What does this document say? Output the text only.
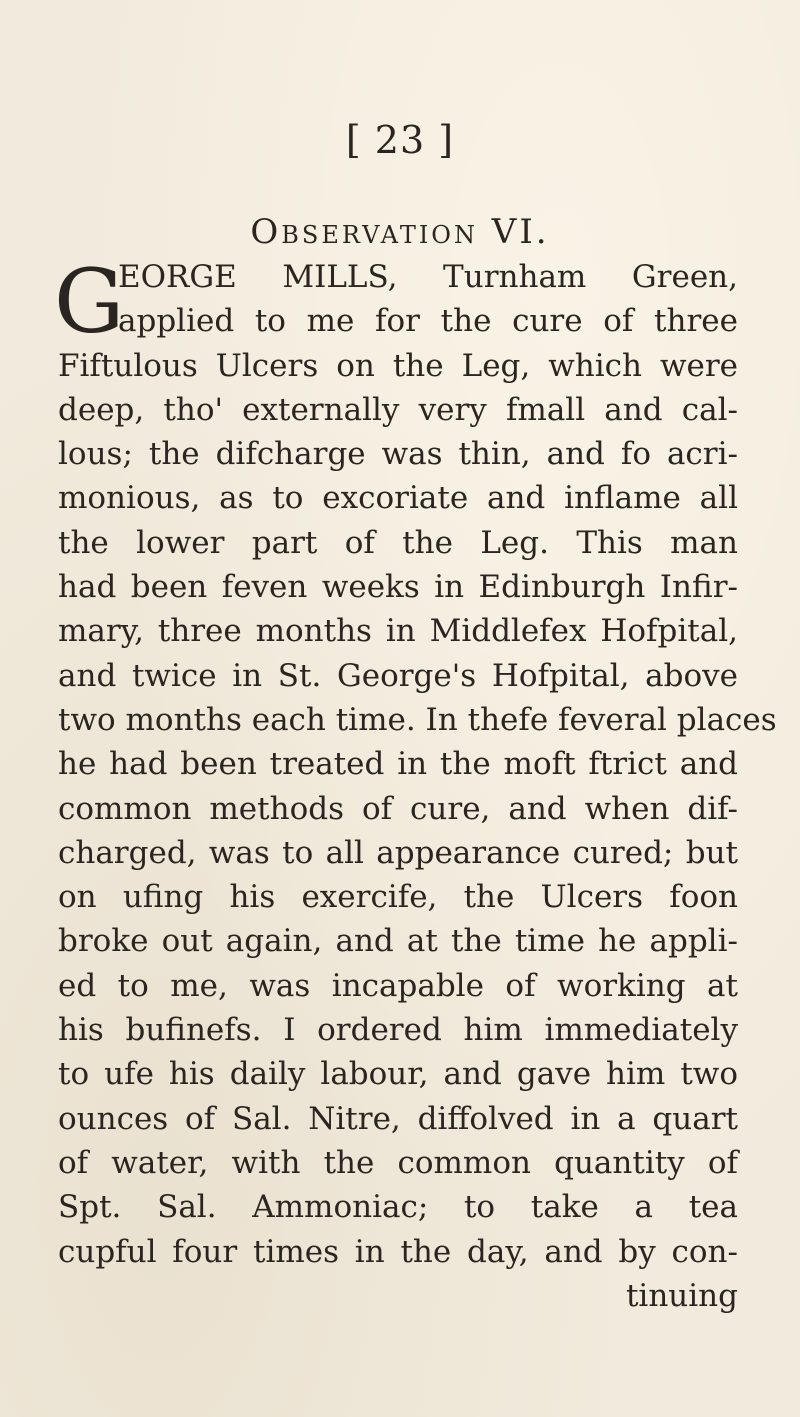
[ 23 ]
Observation VI.
G
EORGE MILLS, Turnham Green,
applied to me for the cure of three
Fiftulous Ulcers on the Leg, which were
deep, tho' externally very fmall and cal-
lous; the difcharge was thin, and fo acri-
monious, as to excoriate and inflame all
the lower part of the Leg. This man
had been feven weeks in Edinburgh Infir-
mary, three months in Middlefex Hofpital,
and twice in St. George's Hofpital, above
two months each time. In thefe feveral places
he had been treated in the moft ftrict and
common methods of cure, and when dif-
charged, was to all appearance cured; but
on ufing his exercife, the Ulcers foon
broke out again, and at the time he appli-
ed to me, was incapable of working at
his bufinefs. I ordered him immediately
to ufe his daily labour, and gave him two
ounces of Sal. Nitre, diffolved in a quart
of water, with the common quantity of
Spt. Sal. Ammoniac; to take a tea
cupful four times in the day, and by con-
tinuing
